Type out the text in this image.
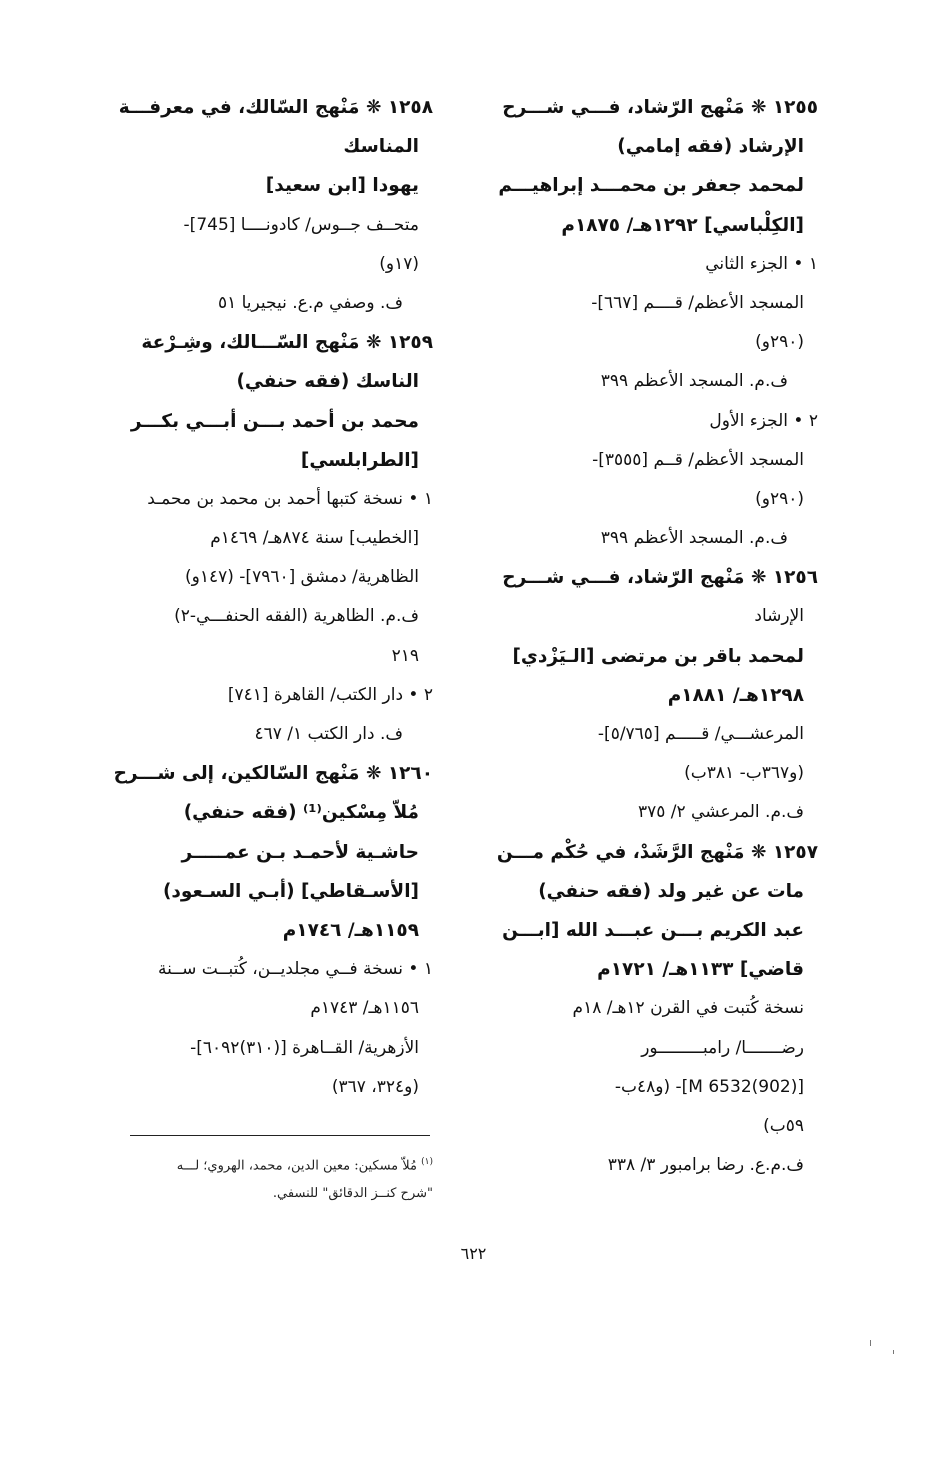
١٢٥٥ ❋ مَنْهج الرّشاد، فـــي شـــرح
الإرشاد (فقه إمامي)
لمحمد جعفر بن محمـــد إبراهيـــم
[الكِلْباسي] ١٢٩٢هـ/ ١٨٧٥م
١ • الجزء الثاني
المسجد الأعظم/ قــــم [٦٦٧]-
(٢٩٠و)
ف.م. المسجد الأعظم ٣٩٩
٢ • الجزء الأول
المسجد الأعظم/ قــم [٣٥٥٥]-
(٢٩٠و)
ف.م. المسجد الأعظم ٣٩٩
١٢٥٦ ❋ مَنْهج الرّشاد، فـــي شـــرح
الإرشاد
لمحمد باقر بن مرتضى [الـيَزْدي]
١٢٩٨هـ/ ١٨٨١م
المرعشـــي/ قـــــم [٥/٧٦٥]-
(و٣٦٧ب- ٣٨١ب)
ف.م. المرعشي ٢/ ٣٧٥
١٢٥٧ ❋ مَنْهج الرَّشَدْ، في حُكْم مـــن
مات عن غير ولد (فقه حنفي)
عبد الكريم بـــن عبـــد الله [ابـــن
قاضي] ١١٣٣هـ/ ١٧٢١م
نسخة كُتبت في القرن ١٢هـ/ ١٨م
رضـــــــا/ رامبـــــــــور
[M 6532(902)]- (و٤٨ب-
٥٩ب)
ف.م.ع. رضا برامبور ٣/ ٣٣٨
١٢٥٨ ❋ مَنْهج السّالك، في معرفـــة
المناسك
يهودا [ابن سعيد]
متحــف جــوس/ كادونــــا [745]-
(١٧و)
ف. وصفي م.ع. نيجيريا ٥١
١٢٥٩ ❋ مَنْهج السّـــالك، وشِـرْعة
الناسك (فقه حنفي)
محمد بن أحمد بـــن أبـــي بكـــر
[الطرابلسي]
١ • نسخة كتبها أحمد بن محمد بن محمـد
[الخطيب] سنة ٨٧٤هـ/ ١٤٦٩م
الظاهرية/ دمشق [٧٩٦٠]- (١٤٧و)
ف.م. الظاهرية (الفقه الحنفـــي-٢)
٢١٩
٢ • دار الكتب/ القاهرة [٧٤١]
ف. دار الكتب ١/ ٤٦٧
١٢٦٠ ❋ مَنْهج السّالكين، إلى شـــرح
مُلاّ مِسْكين⁽¹⁾ (فقه حنفي)
حاشـية لأحمـد بـن عمـــــر
[الأسـقاطي] (أبـي السـعود)
١١٥٩هـ/ ١٧٤٦م
١ • نسخة فــي مجلديــن، كُتبــت ســنة
١١٥٦هـ/ ١٧٤٣م
الأزهرية/ القــاهرة [(٣١٠)٦٠٩٢]-
(و٣٢٤، ٣٦٧)
$^{(١)}$ مُلاّ مسكين: معين الدين، محمد، الهروي؛ لـــه
"شرح كنــز الدقائق" للنسفي.
٦٢٢
